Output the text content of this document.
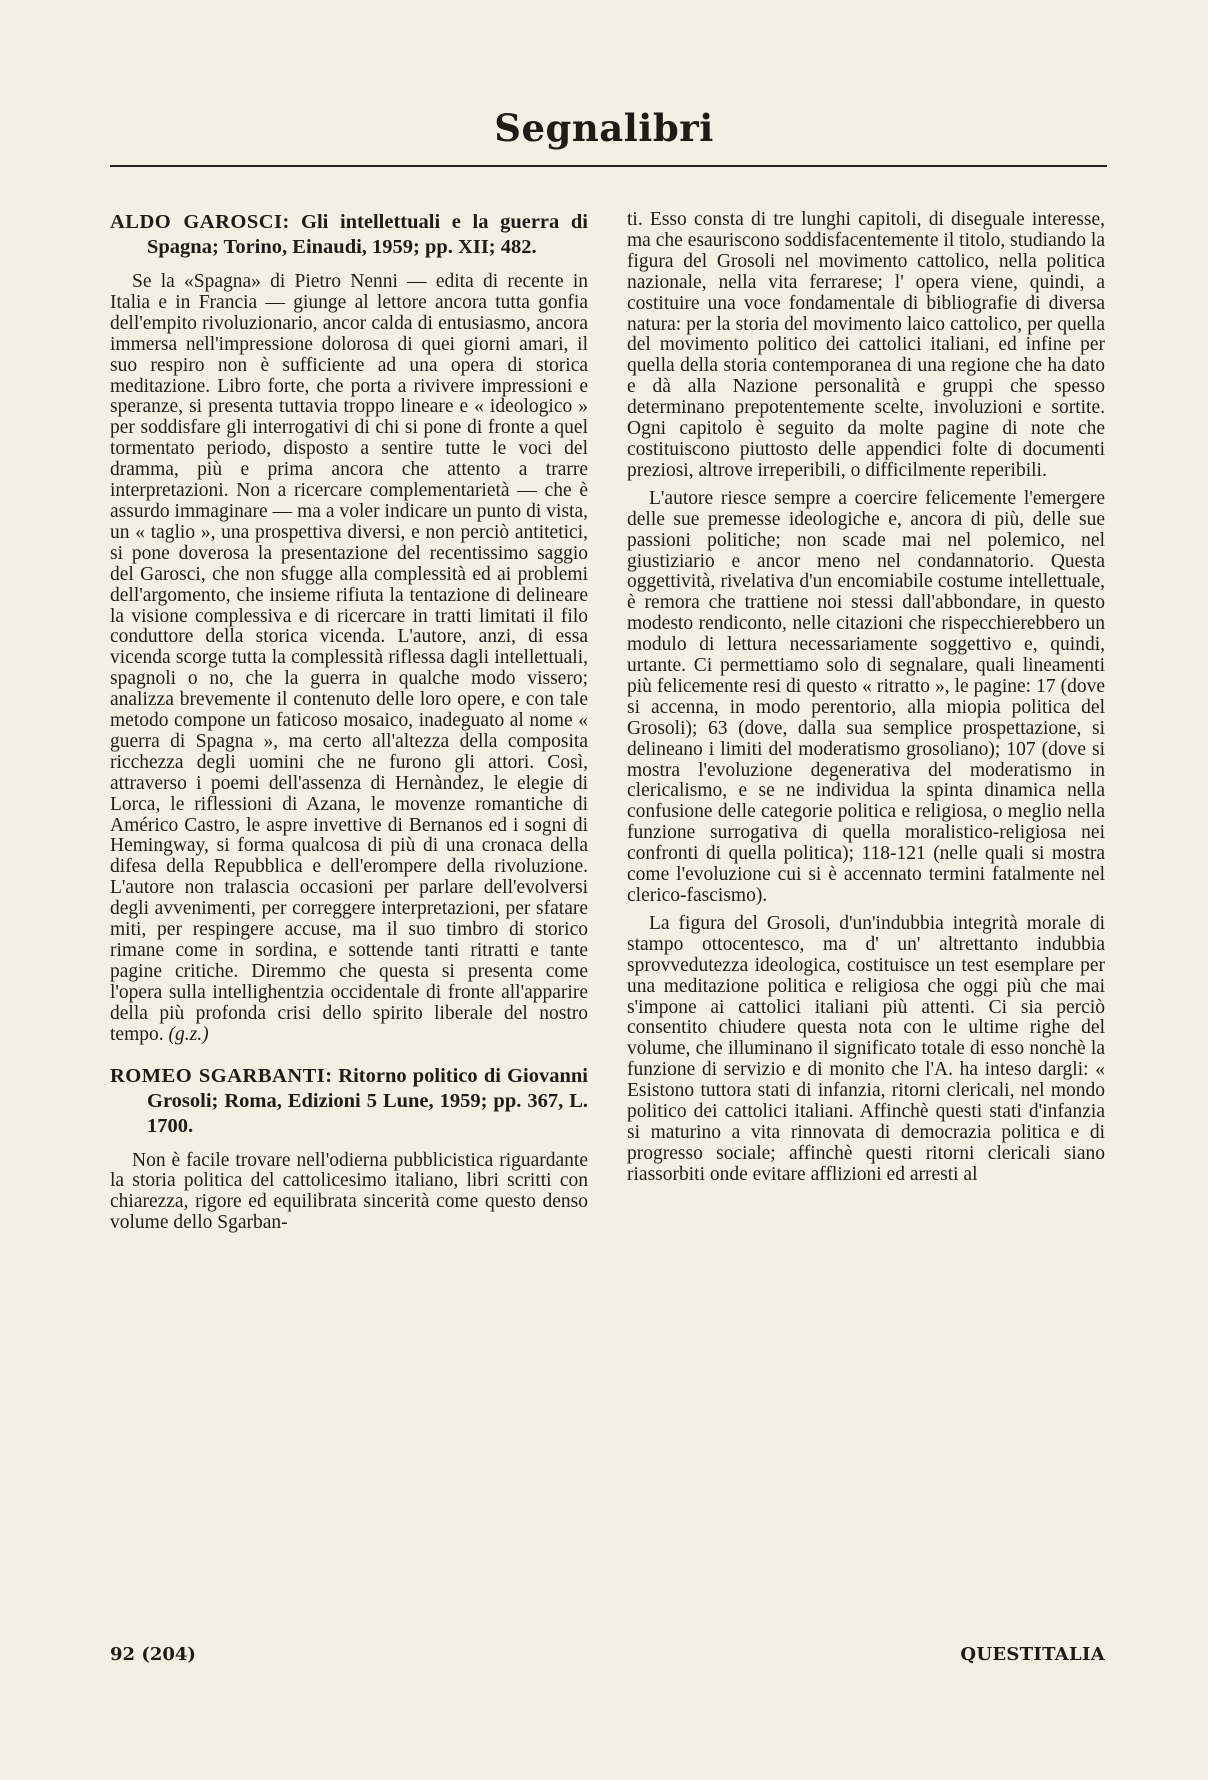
Segnalibri

ALDO GAROSCI: Gli intellettuali e la guerra di Spagna; Torino, Einaudi, 1959; pp. XII; 482.

Se la «Spagna» di Pietro Nenni — edita di recente in Italia e in Francia — giunge al lettore ancora tutta gonfia dell'empito rivoluzionario, ancor calda di entusiasmo, ancora immersa nell'impressione dolorosa di quei giorni amari, il suo respiro non è sufficiente ad una opera di storica meditazione. Libro forte, che porta a rivivere impressioni e speranze, si presenta tuttavia troppo lineare e « ideologico » per soddisfare gli interrogativi di chi si pone di fronte a quel tormentato periodo, disposto a sentire tutte le voci del dramma, più e prima ancora che attento a trarre interpretazioni. Non a ricercare complementarietà — che è assurdo immaginare — ma a voler indicare un punto di vista, un « taglio », una prospettiva diversi, e non perciò antitetici, si pone doverosa la presentazione del recentissimo saggio del Garosci, che non sfugge alla complessità ed ai problemi dell'argomento, che insieme rifiuta la tentazione di delineare la visione complessiva e di ricercare in tratti limitati il filo conduttore della storica vicenda. L'autore, anzi, di essa vicenda scorge tutta la complessità riflessa dagli intellettuali, spagnoli o no, che la guerra in qualche modo vissero; analizza brevemente il contenuto delle loro opere, e con tale metodo compone un faticoso mosaico, inadeguato al nome « guerra di Spagna », ma certo all'altezza della composita ricchezza degli uomini che ne furono gli attori. Così, attraverso i poemi dell'assenza di Hernàndez, le elegie di Lorca, le riflessioni di Azana, le movenze romantiche di Américo Castro, le aspre invettive di Bernanos ed i sogni di Hemingway, si forma qualcosa di più di una cronaca della difesa della Repubblica e dell'erompere della rivoluzione. L'autore non tralascia occasioni per parlare dell'evolversi degli avvenimenti, per correggere interpretazioni, per sfatare miti, per respingere accuse, ma il suo timbro di storico rimane come in sordina, e sottende tanti ritratti e tante pagine critiche. Diremmo che questa si presenta come l'opera sulla intellighentzia occidentale di fronte all'apparire della più profonda crisi dello spirito liberale del nostro tempo. (g.z.)

ROMEO SGARBANTI: Ritorno politico di Giovanni Grosoli; Roma, Edizioni 5 Lune, 1959; pp. 367, L. 1700.

Non è facile trovare nell'odierna pubblicistica riguardante la storia politica del cattolicesimo italiano, libri scritti con chiarezza, rigore ed equilibrata sincerità come questo denso volume dello Sgarban-

ti. Esso consta di tre lunghi capitoli, di diseguale interesse, ma che esauriscono soddisfacentemente il titolo, studiando la figura del Grosoli nel movimento cattolico, nella politica nazionale, nella vita ferrarese; l' opera viene, quindi, a costituire una voce fondamentale di bibliografie di diversa natura: per la storia del movimento laico cattolico, per quella del movimento politico dei cattolici italiani, ed infine per quella della storia contemporanea di una regione che ha dato e dà alla Nazione personalità e gruppi che spesso determinano prepotentemente scelte, involuzioni e sortite. Ogni capitolo è seguito da molte pagine di note che costituiscono piuttosto delle appendici folte di documenti preziosi, altrove irreperibili, o difficilmente reperibili.

L'autore riesce sempre a coercire felicemente l'emergere delle sue premesse ideologiche e, ancora di più, delle sue passioni politiche; non scade mai nel polemico, nel giustiziario e ancor meno nel condannatorio. Questa oggettività, rivelativa d'un encomiabile costume intellettuale, è remora che trattiene noi stessi dall'abbondare, in questo modesto rendiconto, nelle citazioni che rispecchierebbero un modulo di lettura necessariamente soggettivo e, quindi, urtante. Ci permettiamo solo di segnalare, quali lineamenti più felicemente resi di questo « ritratto », le pagine: 17 (dove si accenna, in modo perentorio, alla miopia politica del Grosoli); 63 (dove, dalla sua semplice prospettazione, si delineano i limiti del moderatismo grosoliano); 107 (dove si mostra l'evoluzione degenerativa del moderatismo in clericalismo, e se ne individua la spinta dinamica nella confusione delle categorie politica e religiosa, o meglio nella funzione surrogativa di quella moralistico-religiosa nei confronti di quella politica); 118-121 (nelle quali si mostra come l'evoluzione cui si è accennato termini fatalmente nel clerico-fascismo).

La figura del Grosoli, d'un'indubbia integrità morale di stampo ottocentesco, ma d' un' altrettanto indubbia sprovvedutezza ideologica, costituisce un test esemplare per una meditazione politica e religiosa che oggi più che mai s'impone ai cattolici italiani più attenti. Ci sia perciò consentito chiudere questa nota con le ultime righe del volume, che illuminano il significato totale di esso nonchè la funzione di servizio e di monito che l'A. ha inteso dargli: « Esistono tuttora stati di infanzia, ritorni clericali, nel mondo politico dei cattolici italiani. Affinchè questi stati d'infanzia si maturino a vita rinnovata di democrazia politica e di progresso sociale; affinchè questi ritorni clericali siano riassorbiti onde evitare afflizioni ed arresti al

92 (204)	QUESTITALIA
